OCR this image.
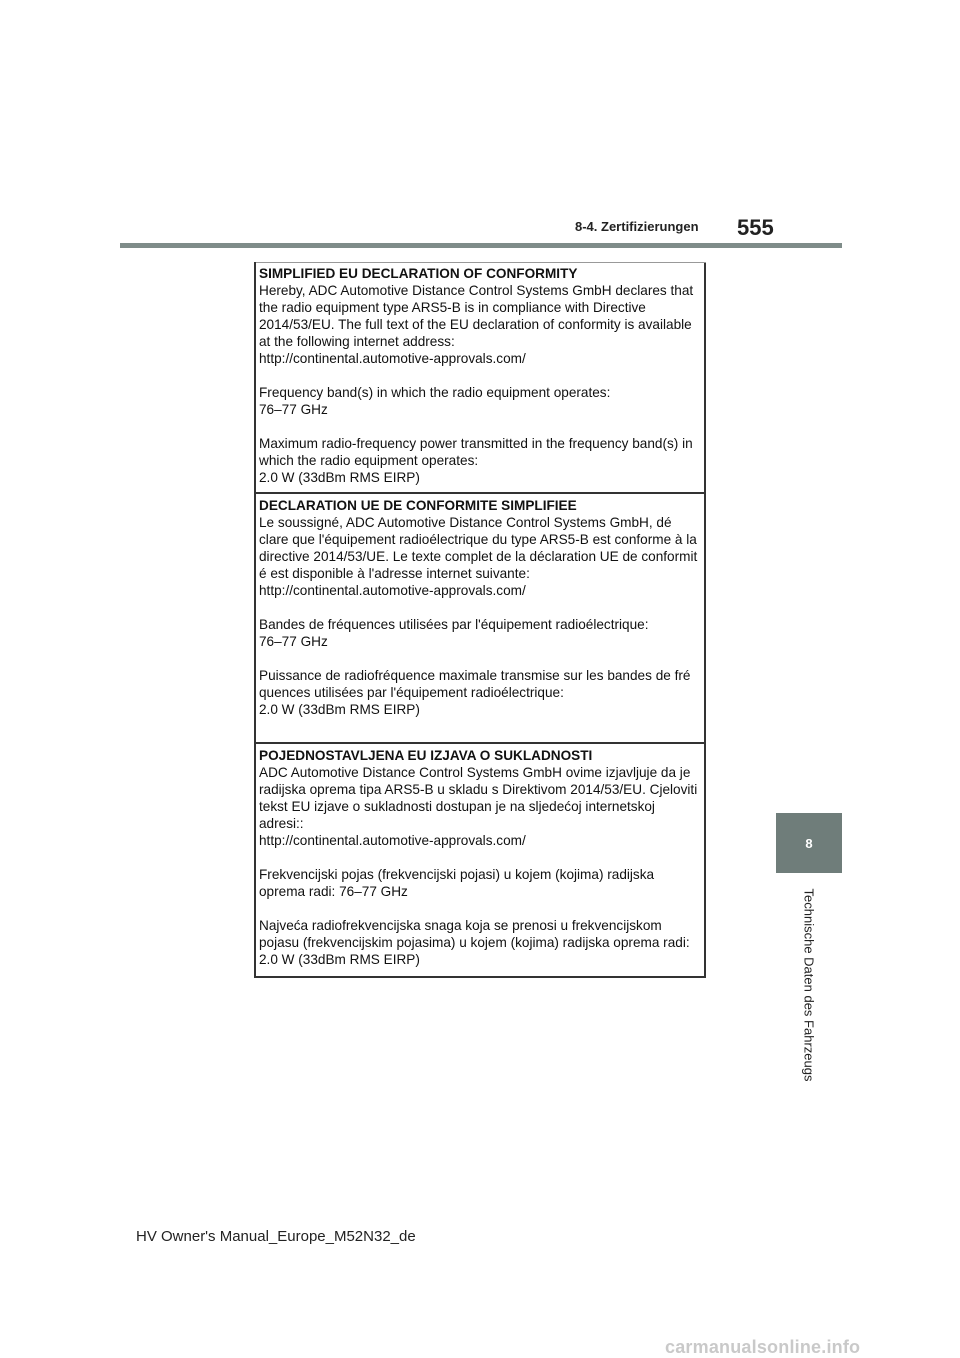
8-4. Zertifizierungen 555
8
Technische Daten des Fahrzeugs
SIMPLIFIED EU DECLARATION OF CONFORMITY
Hereby, ADC Automotive Distance Control Systems GmbH declares that
the radio equipment type ARS5-B is in compliance with Directive
2014/53/EU. The full text of the EU declaration of conformity is available
at the following internet address:
http://continental.automotive-approvals.com/
Frequency band(s) in which the radio equipment operates:
76–77 GHz
Maximum radio-frequency power transmitted in the frequency band(s) in
which the radio equipment operates:
2.0 W (33dBm RMS EIRP)
DECLARATION UE DE CONFORMITE SIMPLIFIEE
Le soussigné, ADC Automotive Distance Control Systems GmbH, dé
clare que l'équipement radioélectrique du type ARS5-B est conforme à la
directive 2014/53/UE. Le texte complet de la déclaration UE de conformit
é est disponible à l'adresse internet suivante:
http://continental.automotive-approvals.com/
Bandes de fréquences utilisées par l'équipement radioélectrique:
76–77 GHz
Puissance de radiofréquence maximale transmise sur les bandes de fré
quences utilisées par l'équipement radioélectrique:
2.0 W (33dBm RMS EIRP)
POJEDNOSTAVLJENA EU IZJAVA O SUKLADNOSTI
ADC Automotive Distance Control Systems GmbH ovime izjavljuje da je
radijska oprema tipa ARS5-B u skladu s Direktivom 2014/53/EU. Cjeloviti
tekst EU izjave o sukladnosti dostupan je na sljedećoj internetskoj
adresi::
http://continental.automotive-approvals.com/
Frekvencijski pojas (frekvencijski pojasi) u kojem (kojima) radijska
oprema radi: 76–77 GHz
Najveća radiofrekvencijska snaga koja se prenosi u frekvencijskom
pojasu (frekvencijskim pojasima) u kojem (kojima) radijska oprema radi:
2.0 W (33dBm RMS EIRP)
HV Owner's Manual_Europe_M52N32_de
carmanualsonline.info
